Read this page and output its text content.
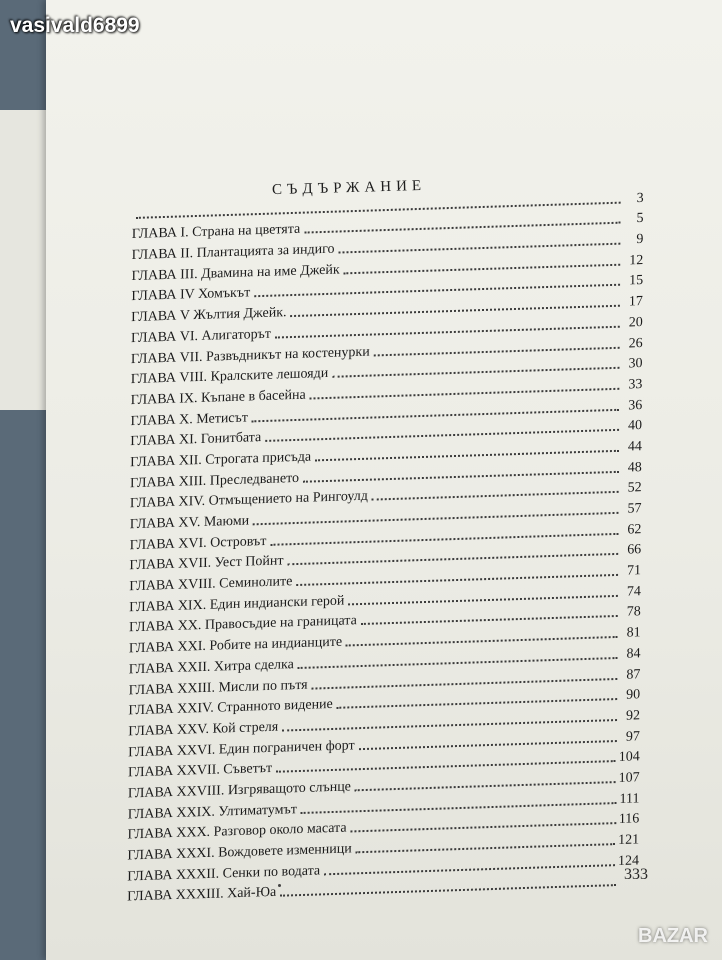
СЪДЪРЖАНИЕ
3
ГЛАВА I. Страна на цветята
5
ГЛАВА II. Плантацията за индиго
9
ГЛАВА III. Двамина на име Джейк
12
ГЛАВА IV Хомъкът
15
ГЛАВА V Жълтия Джейк.
17
ГЛАВА VI. Алигаторът
20
ГЛАВА VII. Развъдникът на костенурки
26
ГЛАВА VIII. Кралските лешояди
30
ГЛАВА IX. Къпане в басейна
33
ГЛАВА X. Метисът
36
ГЛАВА XI. Гонитбата
40
ГЛАВА XII. Строгата присъда
44
ГЛАВА XIII. Преследването
48
ГЛАВА XIV. Отмъщението на Рингоулд
52
ГЛАВА XV. Маюми
57
ГЛАВА XVI. Островът
62
ГЛАВА XVII. Уест Пойнт
66
ГЛАВА XVIII. Семинолите
71
ГЛАВА XIX. Един индиански герой
74
ГЛАВА XX. Правосъдие на границата
78
ГЛАВА XXI. Робите на индианците
81
ГЛАВА XXII. Хитра сделка
84
ГЛАВА XXIII. Мисли по пътя
87
ГЛАВА XXIV. Странното видение
90
ГЛАВА XXV. Кой стреля
92
ГЛАВА XXVI. Един пограничен форт
97
ГЛАВА XXVII. Съветът
104
ГЛАВА XXVIII. Изгряващото слънце
107
ГЛАВА XXIX. Ултиматумът
111
ГЛАВА XXX. Разговор около масата
116
ГЛАВА XXXI. Вождовете изменници
121
ГЛАВА XXXII. Сенки по водата
124
ГЛАВА XXXIII. Хай-Юа
333
vasivald6899
BAZAR
